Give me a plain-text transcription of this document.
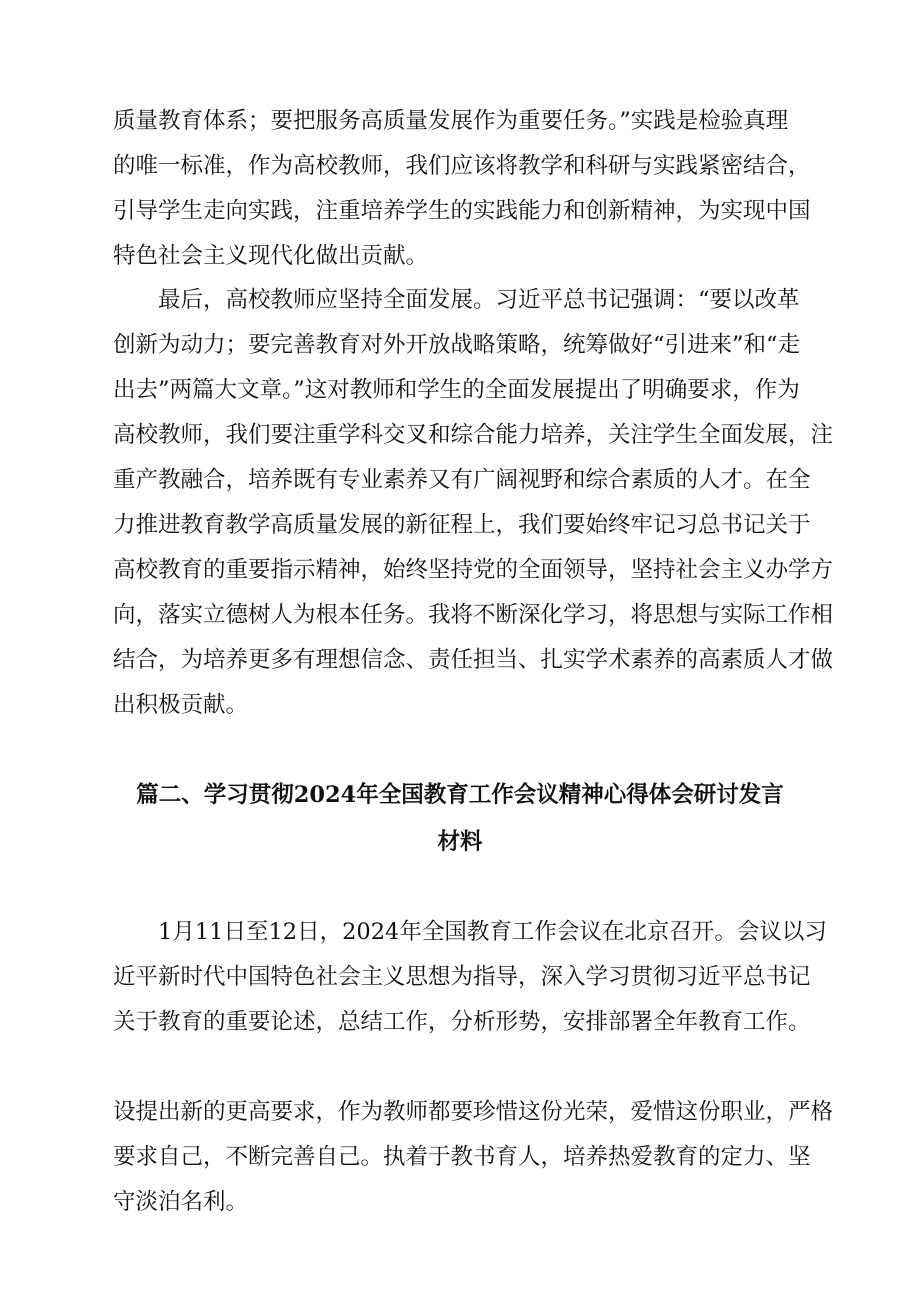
质量教育体系；要把服务高质量发展作为重要任务。”实践是检验真理
的唯一标准，作为高校教师，我们应该将教学和科研与实践紧密结合，
引导学生走向实践，注重培养学生的实践能力和创新精神，为实现中国
特色社会主义现代化做出贡献。
　　最后，高校教师应坚持全面发展。习近平总书记强调：“要以改革
创新为动力；要完善教育对外开放战略策略，统筹做好“引进来”和“走
出去”两篇大文章。”这对教师和学生的全面发展提出了明确要求，作为
高校教师，我们要注重学科交叉和综合能力培养，关注学生全面发展，注
重产教融合，培养既有专业素养又有广阔视野和综合素质的人才。在全
力推进教育教学高质量发展的新征程上，我们要始终牢记习总书记关于
高校教育的重要指示精神，始终坚持党的全面领导，坚持社会主义办学方
向，落实立德树人为根本任务。我将不断深化学习，将思想与实际工作相
结合，为培养更多有理想信念、责任担当、扎实学术素养的高素质人才做
出积极贡献。
篇二、学习贯彻2024年全国教育工作会议精神心得体会研讨发言
材料
　　1月11日至12日，2024年全国教育工作会议在北京召开。会议以习
近平新时代中国特色社会主义思想为指导，深入学习贯彻习近平总书记
关于教育的重要论述，总结工作，分析形势，安排部署全年教育工作。
设提出新的更高要求，作为教师都要珍惜这份光荣，爱惜这份职业，严格
要求自己，不断完善自己。执着于教书育人，培养热爱教育的定力、坚
守淡泊名利。
